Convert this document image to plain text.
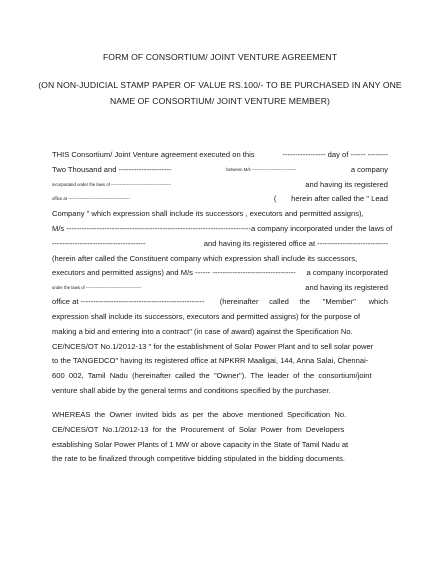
FORM OF CONSORTIUM/ JOINT VENTURE AGREEMENT
(ON NON-JUDICIAL STAMP PAPER OF VALUE RS.100/- TO BE PURCHASED IN ANY ONE
NAME OF CONSORTIUM/ JOINT VENTURE MEMBER)
THIS Consortium/ Joint Venture agreement executed on this	----------------- day of ------ --------
Two Thousand and ---------------------	between M/s -------------------------------	a company
incorporated under the laws of ------------------------------------------	and having its registered
office at -------------------------------------------	(       herein after called the " Lead
Company " which expression shall include its successors , executors and permitted assigns),
M/s -------------------------------------------------------------------------a com pany incorporated under the laws of
-------------------------------------	and having its registered office at ----------------------------
(herein after called the Constituent company which expression shall include its successors,
executors and permitted assigns) and M/s ------ --------------------------------- a company incorporated
under the laws of ---------------------------------------	and having its registered
office at ------------------------------------------------- (hereinafter     called     the      "Member"      which
expression shall include its successors, executors and permitted assigns) for the purpose of
making a bid and entering into a contract" (in case of award) against the Specification No.
CE/NCES/OT No.1/2012-13 " for the establishment of Solar Power Plant and to sell solar power
to the TANGEDCO" having its registered office at NPKRR Maaligai, 144, Anna Salai, Chennai-
600  002,  Tamil  Nadu  (hereinafter  called  the  "Owner").  The  leader  of  the  consortium/joint
venture shall abide by the general terms and conditions specified by the purchaser.
WHEREAS  the  Owner  invited  bids  as  per  the  above  mentioned  Specification  No.
CE/NCES/OT  No.1/2012-13  for  the  Procurement  of  Solar  Power  from  Developers
establishing Solar Power Plants of 1 MW or above capacity in the State of Tamil Nadu at
the rate to be finalized through competitive bidding stipulated in the bidding documents.
